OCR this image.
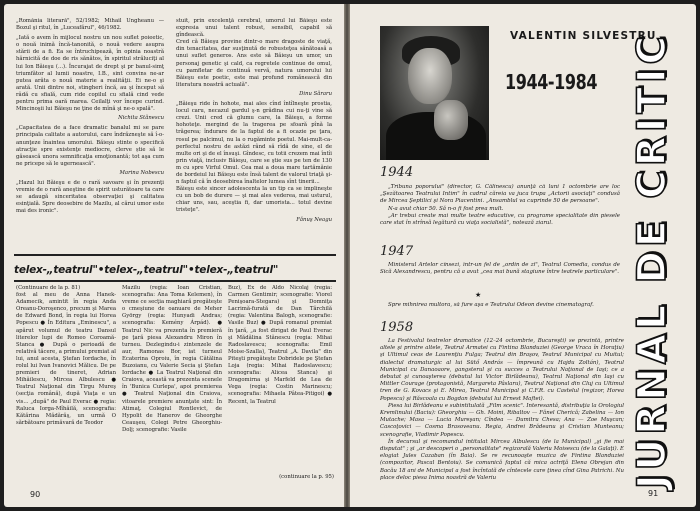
„Romănia literară", 52/1982; Mihail Ungheanu — Bozul şi ritul, în „Luceafărul", 46/1982.

„Iată o avem în mijlocul nostru un nou suflet poieetic, o nouă inimă încă-tanonită, o nouă vedere asupra stării de a fi. Ea se întruchipează, în opinia noastră hărnicită de doe de ris sănătos, în spiritul străluciţi al lui Ion Băieşu (...). Încurajat de drept şi pr banul-simţ triumfător al lumii noastre, I.B., sint convins ne-ar putea arăta o nouă materie a realităţii. Ei ne-o şi arată. Unii dintre noi, stingheri încă, au şi început să râdă cu sfială, cum ride copilul cu sfială cind vede pentru prima oară marea. Ceilalţi vor începe curind. Mincinoşii lui Băieşu ne ţine de mînă şi ne-o spală".

Nichita Stănescu

„Capacitatea de a face dramatic banalul mi se pare principala calitate a autorului, care îndrăzneşte să î-o-anunţeze înaintea umorului. Băieşu stinte o specifică atracţie spre existenţe mediocre, clerve știe să le găsească unora semnificaţia emoţionantă; tot aşa cum ne pricepe să le ugernească".

Marina Nobescu

„Hazul lui Băieşu e de o rară savoare şi în prezenţi vremie de o rară aneştine de spirit usturătoare ta care se adaugă sinceritatea observaţiei şi calitatea esinţială. Spre deosebire de Mazilu, al cărui umor este mai des ironic".

stuit, prin excelenţă cerebral, umorul lui Băieşu este expresia unui talent robust, sensibil, capabil să gîndească.

Cred că Băieşu provine dintr-o mare dragoste de viaţă, din tenacitatea, dar susţinută de robusteţea sănătoasă a unui suflet generos. Ans este să Băieşu un umor, un personaj genetic şi cald, ca regretele continue de omul, cu pamfletar de continuă vervă, natura umorului lui Băieşu este poetic, este mai profund romănească din literatura noastră actuală".

Dinu Săraru

„Băieşu ride în hohote, mai ales cînd întîlneşte prostia, locul caru, necazul gardul ş-n grădina cui nu-ţi vine să crezi. Unii cred că glumu care, la Băieşu, a forme hohoteţe. mergind de la tragerea pe sfoară pînă la trăgerea; îndurare de la faptul de a fi ocazie pe ţara, rosul pe palcimul, nu la o rugăminte poetul. Mai-mult-ca-perfectul nostru de astăzi rând să rîdă de sine, el de multe ori şi de el însuşi. Gîndesc, cu totii crezem mai întîi prin viaţă, inclusiv Băieşu, care se ştie sus pe ten de 130 m cu spre Virful Omul. Cea mai a doua mare tartămănie de bordeiul lui Băieşu este însă talent de valorul triaţă şi-n faptul că în deosebirea înaltelor lumea sînt tinerii...

Băieşu este sincer adolescenta la un tip ca se implineşte cu un bob de durere — şi mai ales vederea, mai usturul, chiar uns, sau, aceştia fi, dar umorista... totul devine tristeţe".

Fănuş Neagu

telex-„teatrul"•telex-„teatrul"•telex-„teatrul"

(Continuare de la p. 81)

fost al meu de Anna Hanek-Adamecik, amintit în regia Anda Oreanu-Doroşenco, precum şi Marea de Edward Bond, în regia lui Horea Popescu ● În Editura „Eminescu", a apărut volumul de teatru Dansul literelor lupi de Romeo Coroamă-Stanca ● După o perioadă de relativă tăcere, a primului premiat al lui, anul acesta, Ştefan Iordache, în rolul lui Ivan Ivanovici Mălicu. De pe premieri de tineret, Adrian Mihăilescu, Mircea Albulescu ● Teatrul Naţional din Tirgu Mureş (secţia română), după Viaţa e un vis... „după" de Paul Everac ● regia: Raluca Iorga-Mîhăilă, scenografia: Kătărina Mădărăş, un urmă O sărbătoare primăvară de Teodor

Mazilu (regia: Ioan Cristian, scenografia: Ana Toma Kelemen), în vreme ce secţia maghiară pregăteşte o cmeşiune de oanuare de Meher György (regia: Hunyadi Andras; scenografia: Kemény Árpád). ● Teatrul Nic va prezenta în premieră pe ţară piesa Alexandru Miron în turneu. Dezlegindu-i zintenzele de aur, Ramonas Bor, iat turneul Ecaterina Oproiu, în regia Cătălina Buzoianu, cu Valerie Secia şi Ştefan Iordache ● La Teatrul Naţional din Craiova, această va prezenta scenele în 'Bunica Curlepa', apoi premierea ● Teatrul Naţional din Craiova, vitoarele premiere anunţate sint: În Atimaţ. Colegiul Rontlevict, de Hypolit de Hanerov de Gheorghe Ceauşeu, Colegi Petre Gheorghiu-Dolj; scenografie: Vasile

Buz), Ex de Aldo Nicolaj (regia: Carmen Gentimir; scenografie: Viorel Penişoara-Stegara) şi Domniţa Lacrimă-furată de Dan Tărchilă (regia: Valentina Balogh, scenografie: Vasile Buz) ● După romanul premiat în ţară, „a fost dirigat de Paul Everac şi Mădălina Stănescu (regia: Mihai Radoslavescu; scenografia: Emil Moise-Szalla), Teatrul „A. Davila" din Piteşti pregăteşte Dobridele pe Ştefan Loja (regia: Mihai Radoslavescu; scenografia: Alicea Stanca) şi Dragomirna şi Marfeld de Lea de Vega (regia: Costin Marinescu; scenografia: Mihaela Pâtea-Pitigoi) ● Recent, la Teatrul

(continuare la p. 95)
90
VALENTIN SILVESTRU
1944-1984 JURNAL DE CRITIC
1944

„Tribuna poporului" (director, G. Călinescu) anunţă că luni 1 octombrie are loc „Şezătoarea Teatrului Intim" în cadrul căreia va juca trupa „Actorii asociaţi" condusă de Mircea Şeptilici şi Nora Piacentini. „Ansamblul va cuprinde 50 de persoane".

N-a avut chiar 50. Să n-o fi fost prea mult.

„Ar trebui create mai multe teatre educative, cu programe specialitate din piesele care stat în strînsă legătură cu viaţa socialistă", notează ziarul.

1947

Ministerul Artelor cînsezi, într-un fel de „ordin de zi", Teatrul Comedia, condus de Sică Alexandrescu, pentru că a avut „cea mai bună stagiune între teatrele particulare".

★

Spre mihnirea multora, să fure aşa e Teatrului Odeon devine cinematograf.

1958

La Festivalul teatrelor dramatice (12–24 octombrie, Bucureşti) se prezintă, printre altele şi printre altele, Teatrul Armatei cu Fintina Blanduziei (George Vraca în Horaţiu) şi Ultimul ceas de Laurenţiu Fulga; Teatrul din Braşov, Teatrul Municipal cu Muitul; dialectul dramaturgic al lui Sütő András — împreună cu Hajdu Zoltán), Teatrul Municipal cu Danaoaore, gangsterul şi cu succes a Teatrului Naţional de Iaşi; ce a debutat şi cunoaşterea (debutul lui Victor Birlădeanu), Teatrul Naţional din Iaşi cu Mittler Courage (protagonistă, Margareta Pâslaru), Teatrul Naţional din Cluj cu Ultimul tren de G. Kovacs şi E. Mirea, Teatrul Municipal şi C.F.R. cu Castelul (regizor, Horea Popescu) şi Răscoala cu Bogdan (debutul lui Ernest Maftei).

Piesa lui Birlădeanu e subintitulată „Film scenic". Interesantă, distribuţia la Orologiul Kremlinului (Baciu): Gheorghiu — Gh. Moini, Ribaltov — Fănel Cherică; Zabelina — Ion Mutache; Masa — Lucia Mureşan; Cîndea — Dumitru Chesa; Ana — Zoe Muşcan; Cascoţovici — Cosma Brasoveanu. Regia, Andrei Brădeanu şi Cristian Munteanu; scenografie, Vladimir Popescu.

În decursul şi recomandul intitulat Mircea Albulescu (de la Municipal) „şi fie mai disputat" ; şi „ar descoperi o „personalitate" regizorală Valeriu Moisescu (de la Galaţi). E elogiat Jules Cazaban (în Baia). Se re recunoaşte muzica de Fintina Blanduziei (compozitor, Pascal Bentoiu). Se comunică faptul că mica actriţă Elena Obrejan din Bacău 18 ani de Municipal a fost încîntată de cîntecele care ţinea cînd Gina Patrichi. Nu place deloc piesa Inima noastră de Valeriu

91
